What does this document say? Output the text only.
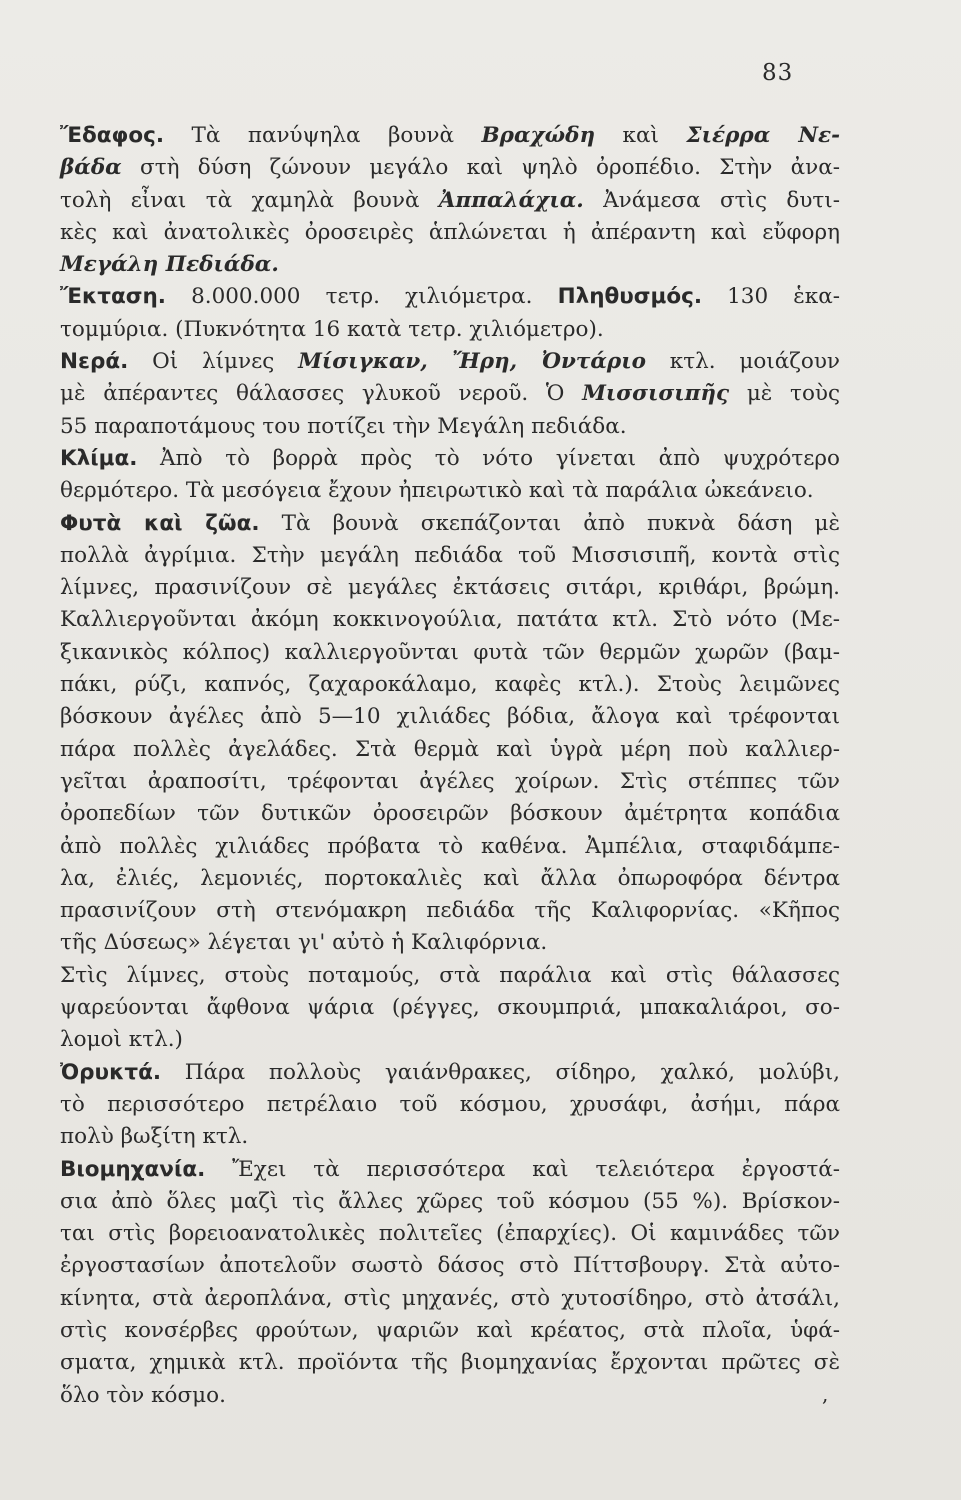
83
Ἔδαφος. Τὰ πανύψηλα βουνὰ Βραχώδη καὶ Σιέρρα Νε-
βάδα στὴ δύση ζώνουν μεγάλο καὶ ψηλὸ ὀροπέδιο. Στὴν ἀνα-
τολὴ εἶναι τὰ χαμηλὰ βουνὰ Ἀππαλάχια. Ἀνάμεσα στὶς δυτι-
κὲς καὶ ἀνατολικὲς ὀροσειρὲς ἁπλώνεται ἡ ἀπέραντη καὶ εὔφορη
Μεγάλη Πεδιάδα.
Ἔκταση. 8.000.000 τετρ. χιλιόμετρα. Πληθυσμός. 130 ἑκα-
τομμύρια. (Πυκνότητα 16 κατὰ τετρ. χιλιόμετρο).
Νερά. Οἱ λίμνες Μίσιγκαν, Ἤρη, Ὀντάριο κτλ. μοιάζουν
μὲ ἀπέραντες θάλασσες γλυκοῦ νεροῦ. Ὁ Μισσισιπῆς μὲ τοὺς
55 παραποτάμους του ποτίζει τὴν Μεγάλη πεδιάδα.
Κλίμα. Ἀπὸ τὸ βορρὰ πρὸς τὸ νότο γίνεται ἀπὸ ψυχρότερο
θερμότερο. Τὰ μεσόγεια ἔχουν ἠπειρωτικὸ καὶ τὰ παράλια ὠκεάνειο.
Φυτὰ καὶ ζῶα. Τὰ βουνὰ σκεπάζονται ἀπὸ πυκνὰ δάση μὲ
πολλὰ ἀγρίμια. Στὴν μεγάλη πεδιάδα τοῦ Μισσισιπῆ, κοντὰ στὶς
λίμνες, πρασινίζουν σὲ μεγάλες ἐκτάσεις σιτάρι, κριθάρι, βρώμη.
Καλλιεργοῦνται ἀκόμη κοκκινογούλια, πατάτα κτλ. Στὸ νότο (Με-
ξικανικὸς κόλπος) καλλιεργοῦνται φυτὰ τῶν θερμῶν χωρῶν (βαμ-
πάκι, ρύζι, καπνός, ζαχαροκάλαμο, καφὲς κτλ.). Στοὺς λειμῶνες
βόσκουν ἀγέλες ἀπὸ 5—10 χιλιάδες βόδια, ἄλογα καὶ τρέφονται
πάρα πολλὲς ἀγελάδες. Στὰ θερμὰ καὶ ὑγρὰ μέρη ποὺ καλλιερ-
γεῖται ἀραποσίτι, τρέφονται ἀγέλες χοίρων. Στὶς στέππες τῶν
ὀροπεδίων τῶν δυτικῶν ὀροσειρῶν βόσκουν ἀμέτρητα κοπάδια
ἀπὸ πολλὲς χιλιάδες πρόβατα τὸ καθένα. Ἀμπέλια, σταφιδάμπε-
λα, ἐλιές, λεμονιές, πορτοκαλιὲς καὶ ἄλλα ὀπωροφόρα δέντρα
πρασινίζουν στὴ στενόμακρη πεδιάδα τῆς Καλιφορνίας. «Κῆπος
τῆς Δύσεως» λέγεται γι' αὐτὸ ἡ Καλιφόρνια.
Στὶς λίμνες, στοὺς ποταμούς, στὰ παράλια καὶ στὶς θάλασσες
ψαρεύονται ἄφθονα ψάρια (ρέγγες, σκουμπριά, μπακαλιάροι, σο-
λομοὶ κτλ.)
Ὀρυκτά. Πάρα πολλοὺς γαιάνθρακες, σίδηρο, χαλκό, μολύβι,
τὸ περισσότερο πετρέλαιο τοῦ κόσμου, χρυσάφι, ἀσήμι, πάρα
πολὺ βωξίτη κτλ.
Βιομηχανία. Ἔχει τὰ περισσότερα καὶ τελειότερα ἐργοστά-
σια ἀπὸ ὅλες μαζὶ τὶς ἄλλες χῶρες τοῦ κόσμου (55 %). Βρίσκον-
ται στὶς βορειοανατολικὲς πολιτεῖες (ἐπαρχίες). Οἱ καμινάδες τῶν
ἐργοστασίων ἀποτελοῦν σωστὸ δάσος στὸ Πίττσβουργ. Στὰ αὐτο-
κίνητα, στὰ ἀεροπλάνα, στὶς μηχανές, στὸ χυτοσίδηρο, στὸ ἀτσάλι,
στὶς κονσέρβες φρούτων, ψαριῶν καὶ κρέατος, στὰ πλοῖα, ὑφά-
σματα, χημικὰ κτλ. προϊόντα τῆς βιομηχανίας ἔρχονται πρῶτες σὲ
ὅλο τὸν κόσμο.	,
